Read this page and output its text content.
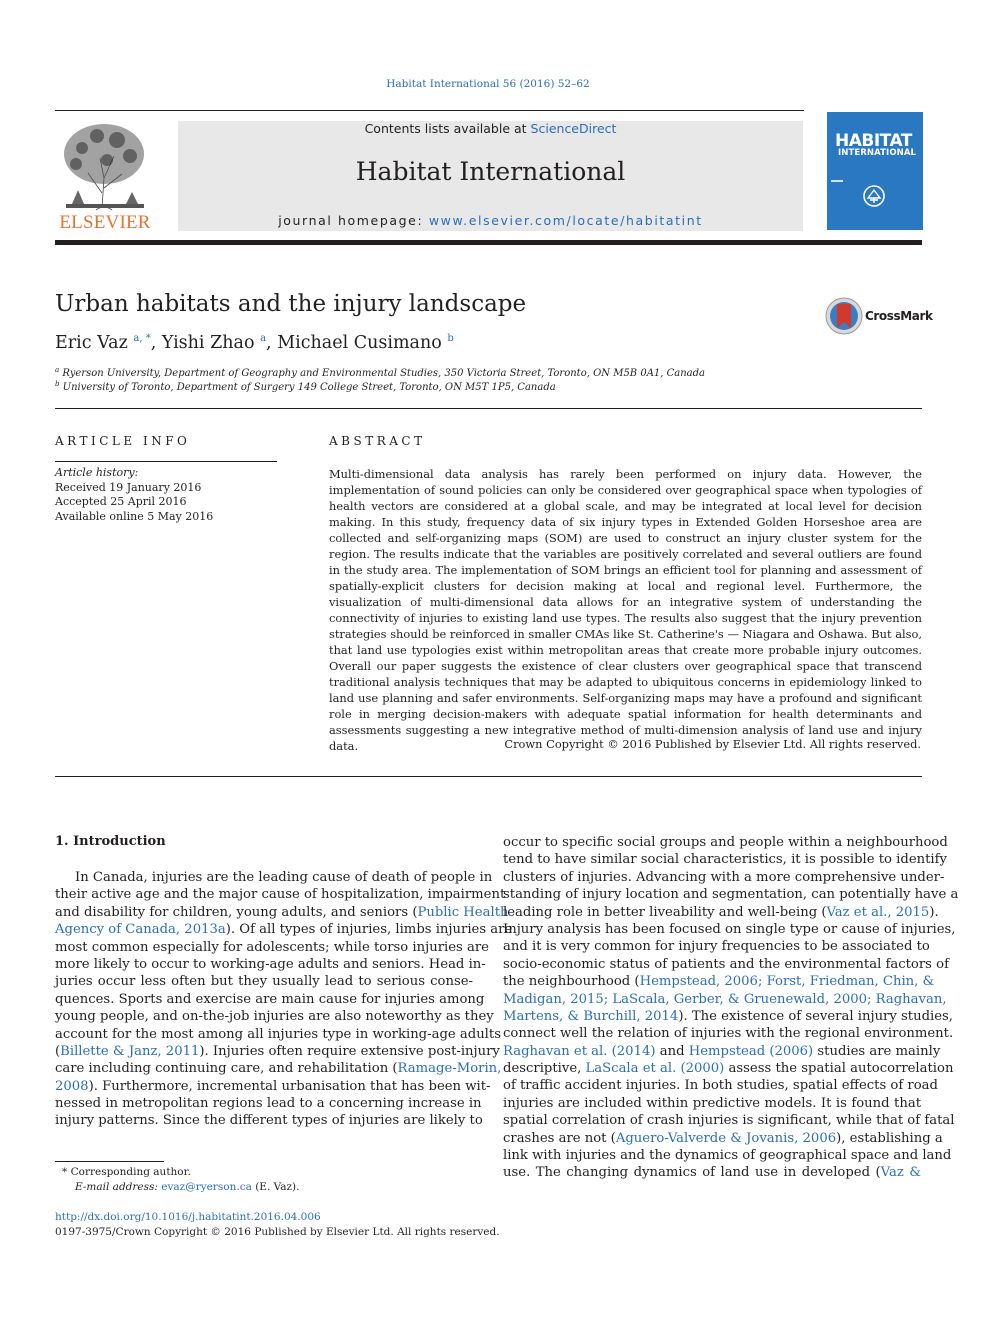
Habitat International 56 (2016) 52–62
ELSEVIER
Contents lists available at ScienceDirect
Habitat International
journal homepage: www.elsevier.com/locate/habitatint
HABITAT
INTERNATIONAL
Urban habitats and the injury landscape	CrossMark
Eric Vaz $^{a, *}$, Yishi Zhao $^a$, Michael Cusimano $^b$
$^a$ Ryerson University, Department of Geography and Environmental Studies, 350 Victoria Street, Toronto, ON M5B 0A1, Canada
$^b$ University of Toronto, Department of Surgery 149 College Street, Toronto, ON M5T 1P5, Canada
ARTICLE INFO
Article history:
Received 19 January 2016
Accepted 25 April 2016
Available online 5 May 2016
ABSTRACT
Multi-dimensional data analysis has rarely been performed on injury data. However, the implementation of sound policies can only be considered over geographical space when typologies of health vectors are considered at a global scale, and may be integrated at local level for decision making. In this study, frequency data of six injury types in Extended Golden Horseshoe area are collected and self-organizing maps (SOM) are used to construct an injury cluster system for the region. The results indicate that the variables are positively correlated and several outliers are found in the study area. The implementation of SOM brings an efficient tool for planning and assessment of spatially-explicit clusters for decision making at local and regional level. Furthermore, the visualization of multi-dimensional data allows for an integrative system of understanding the connectivity of injuries to existing land use types. The results also suggest that the injury prevention strategies should be reinforced in smaller CMAs like St. Catherine's — Niagara and Oshawa. But also, that land use typologies exist within metropolitan areas that create more probable injury outcomes. Overall our paper suggests the existence of clear clusters over geographical space that transcend traditional analysis techniques that may be adapted to ubiquitous concerns in epidemiology linked to land use planning and safer environments. Self-organizing maps may have a profound and significant role in merging decision-makers with adequate spatial information for health determinants and assessments suggesting a new integrative method of multi-dimension analysis of land use and injury data.	Crown Copyright © 2016 Published by Elsevier Ltd. All rights reserved.
1. Introduction
In Canada, injuries are the leading cause of death of people in
their active age and the major cause of hospitalization, impairment
and disability for children, young adults, and seniors (Public Health
Agency of Canada, 2013a). Of all types of injuries, limbs injuries are
most common especially for adolescents; while torso injuries are
more likely to occur to working-age adults and seniors. Head in-
juries occur less often but they usually lead to serious conse-
quences. Sports and exercise are main cause for injuries among
young people, and on-the-job injuries are also noteworthy as they
account for the most among all injuries type in working-age adults
(Billette & Janz, 2011). Injuries often require extensive post-injury
care including continuing care, and rehabilitation (Ramage-Morin,
2008). Furthermore, incremental urbanisation that has been wit-
nessed in metropolitan regions lead to a concerning increase in
injury patterns. Since the different types of injuries are likely to
occur to specific social groups and people within a neighbourhood
tend to have similar social characteristics, it is possible to identify
clusters of injuries. Advancing with a more comprehensive under-
standing of injury location and segmentation, can potentially have a
leading role in better liveability and well-being (Vaz et al., 2015).
Injury analysis has been focused on single type or cause of injuries,
and it is very common for injury frequencies to be associated to
socio-economic status of patients and the environmental factors of
the neighbourhood (Hempstead, 2006; Forst, Friedman, Chin, &
Madigan, 2015; LaScala, Gerber, & Gruenewald, 2000; Raghavan,
Martens, & Burchill, 2014). The existence of several injury studies,
connect well the relation of injuries with the regional environment.
Raghavan et al. (2014) and Hempstead (2006) studies are mainly
descriptive, LaScala et al. (2000) assess the spatial autocorrelation
of traffic accident injuries. In both studies, spatial effects of road
injuries are included within predictive models. It is found that
spatial correlation of crash injuries is significant, while that of fatal
crashes are not (Aguero-Valverde & Jovanis, 2006), establishing a
link with injuries and the dynamics of geographical space and land
use. The changing dynamics of land use in developed (Vaz &
* Corresponding author.
E-mail address: evaz@ryerson.ca (E. Vaz).
http://dx.doi.org/10.1016/j.habitatint.2016.04.006
0197-3975/Crown Copyright © 2016 Published by Elsevier Ltd. All rights reserved.
